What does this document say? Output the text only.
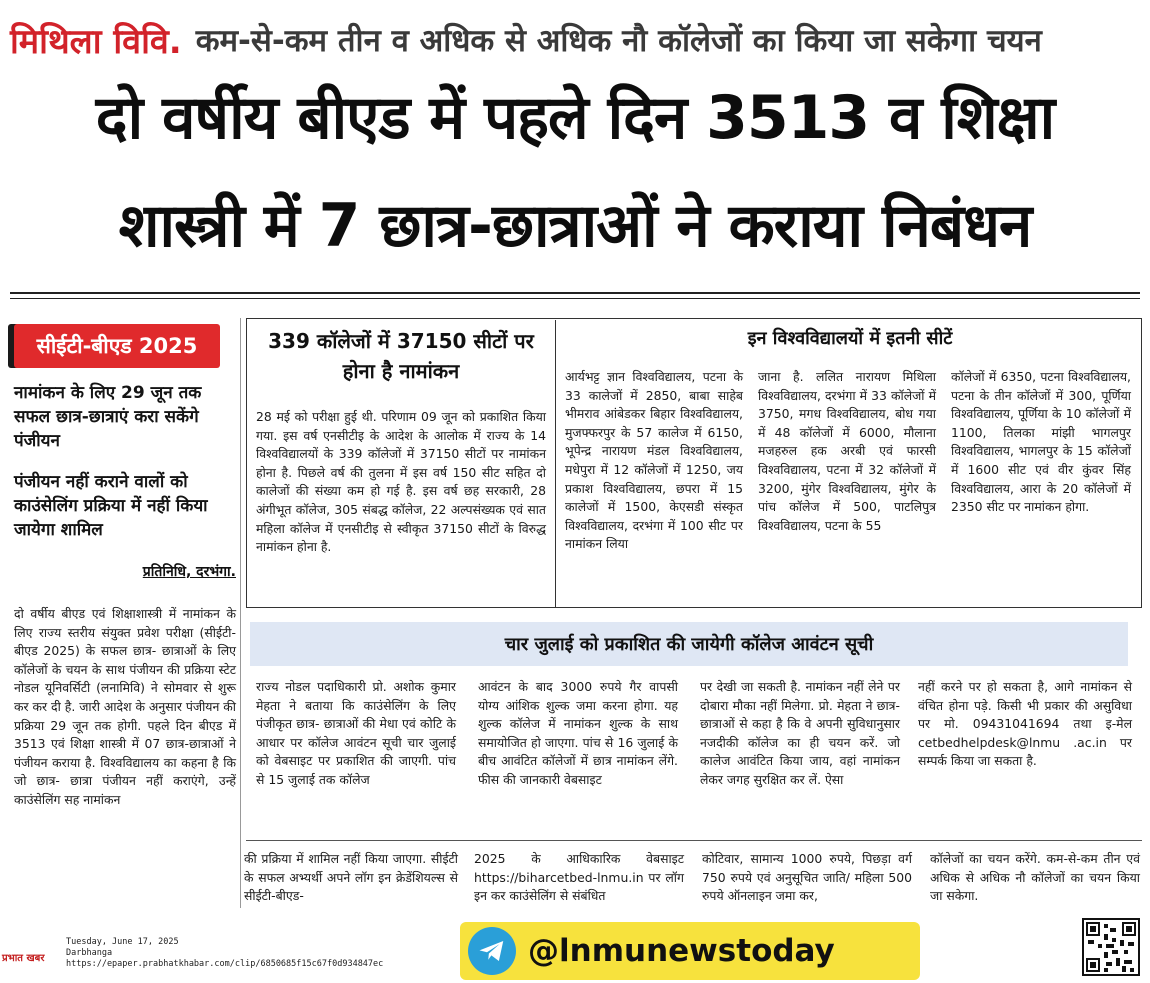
मिथिला विवि. कम-से-कम तीन व अधिक से अधिक नौ कॉलेजों का किया जा सकेगा चयन
दो वर्षीय बीएड में पहले दिन 3513 व शिक्षा
शास्त्री में 7 छात्र-छात्राओं ने कराया निबंधन
सीईटी-बीएड 2025
नामांकन के लिए 29 जून तक सफल छात्र-छात्राएं करा सकेंगे पंजीयन
पंजीयन नहीं कराने वालों को काउंसेलिंग प्रक्रिया में नहीं किया जायेगा शामिल
प्रतिनिधि, दरभंगा.
दो वर्षीय बीएड एवं शिक्षाशास्त्री में नामांकन के लिए राज्य स्तरीय संयुक्त प्रवेश परीक्षा (सीईटी-बीएड 2025) के सफल छात्र- छात्राओं के लिए कॉलेजों के चयन के साथ पंजीयन की प्रक्रिया स्टेट नोडल यूनिवर्सिटी (लनामिवि) ने सोमवार से शुरू कर कर दी है. जारी आदेश के अनुसार पंजीयन की प्रक्रिया 29 जून तक होगी. पहले दिन बीएड में 3513 एवं शिक्षा शास्त्री में 07 छात्र-छात्राओं ने पंजीयन कराया है. विश्वविद्यालय का कहना है कि जो छात्र- छात्रा पंजीयन नहीं कराएंगे, उन्हें काउंसेलिंग सह नामांकन
339 कॉलेजों में 37150 सीटों पर होना है नामांकन
28 मई को परीक्षा हुई थी. परिणाम 09 जून को प्रकाशित किया गया. इस वर्ष एनसीटीइ के आदेश के आलोक में राज्य के 14 विश्वविद्यालयों के 339 कॉलेजों में 37150 सीटों पर नामांकन होना है. पिछले वर्ष की तुलना में इस वर्ष 150 सीट सहित दो कालेजों की संख्या कम हो गई है. इस वर्ष छह सरकारी, 28 अंगीभूत कॉलेज, 305 संबद्ध कॉलेज, 22 अल्पसंख्यक एवं सात महिला कॉलेज में एनसीटीइ से स्वीकृत 37150 सीटों के विरुद्ध नामांकन होना है.
इन विश्वविद्यालयों में इतनी सीटें
आर्यभट्ट ज्ञान विश्वविद्यालय, पटना के 33 कालेजों में 2850, बाबा साहेब भीमराव आंबेडकर बिहार विश्वविद्यालय, मुजफ्फरपुर के 57 कालेज में 6150, भूपेन्द्र नारायण मंडल विश्वविद्यालय, मधेपुरा में 12 कॉलेजों में 1250, जय प्रकाश विश्वविद्यालय, छपरा में 15 कालेजों में 1500, केएसडी संस्कृत विश्वविद्यालय, दरभंगा में 100 सीट पर नामांकन लिया
जाना है. ललित नारायण मिथिला विश्वविद्यालय, दरभंगा में 33 कॉलेजों में 3750, मगध विश्वविद्यालय, बोध गया में 48 कॉलेजों में 6000, मौलाना मजहरुल हक अरबी एवं फारसी विश्वविद्यालय, पटना में 32 कॉलेजों में 3200, मुंगेर विश्वविद्यालय, मुंगेर के पांच कॉलेज में 500, पाटलिपुत्र विश्वविद्यालय, पटना के 55
कॉलेजों में 6350, पटना विश्वविद्यालय, पटना के तीन कॉलेजों में 300, पूर्णिया विश्वविद्यालय, पूर्णिया के 10 कॉलेजों में 1100, तिलका मांझी भागलपुर विश्वविद्यालय, भागलपुर के 15 कॉलेजों में 1600 सीट एवं वीर कुंवर सिंह विश्वविद्यालय, आरा के 20 कॉलेजों में 2350 सीट पर नामांकन होगा.
चार जुलाई को प्रकाशित की जायेगी कॉलेज आवंटन सूची
राज्य नोडल पदाधिकारी प्रो. अशोक कुमार मेहता ने बताया कि काउंसेलिंग के लिए पंजीकृत छात्र- छात्राओं की मेधा एवं कोटि के आधार पर कॉलेज आवंटन सूची चार जुलाई को वेबसाइट पर प्रकाशित की जाएगी. पांच से 15 जुलाई तक कॉलेज
आवंटन के बाद 3000 रुपये गैर वापसी योग्य आंशिक शुल्क जमा करना होगा. यह शुल्क कॉलेज में नामांकन शुल्क के साथ समायोजित हो जाएगा. पांच से 16 जुलाई के बीच आवंटित कॉलेजों में छात्र नामांकन लेंगे. फीस की जानकारी वेबसाइट
पर देखी जा सकती है. नामांकन नहीं लेने पर दोबारा मौका नहीं मिलेगा. प्रो. मेहता ने छात्र-छात्राओं से कहा है कि वे अपनी सुविधानुसार नजदीकी कॉलेज का ही चयन करें. जो कालेज आवंटित किया जाय, वहां नामांकन लेकर जगह सुरक्षित कर लें. ऐसा
नहीं करने पर हो सकता है, आगे नामांकन से वंचित होना पड़े. किसी भी प्रकार की असुविधा पर मो. 09431041694 तथा इ-मेल cetbedhelpdesk@lnmu .ac.in पर सम्पर्क किया जा सकता है.
की प्रक्रिया में शामिल नहीं किया जाएगा. सीईटी के सफल अभ्यर्थी अपने लॉग इन क्रेडेंशियल्स से सीईटी-बीएड-
2025 के आधिकारिक वेबसाइट https://biharcetbed-lnmu.in पर लॉग इन कर काउंसेलिंग से संबंधित
कोटिवार, सामान्य 1000 रुपये, पिछड़ा वर्ग 750 रुपये एवं अनुसूचित जाति/ महिला 500 रुपये ऑनलाइन जमा कर,
कॉलेजों का चयन करेंगे. कम-से-कम तीन एवं अधिक से अधिक नौ कॉलेजों का चयन किया जा सकेगा.
प्रभात खबर
Tuesday, June 17, 2025
Darbhanga
https://epaper.prabhatkhabar.com/clip/6850685f15c67f0d934847ec	@lnmunewstoday
